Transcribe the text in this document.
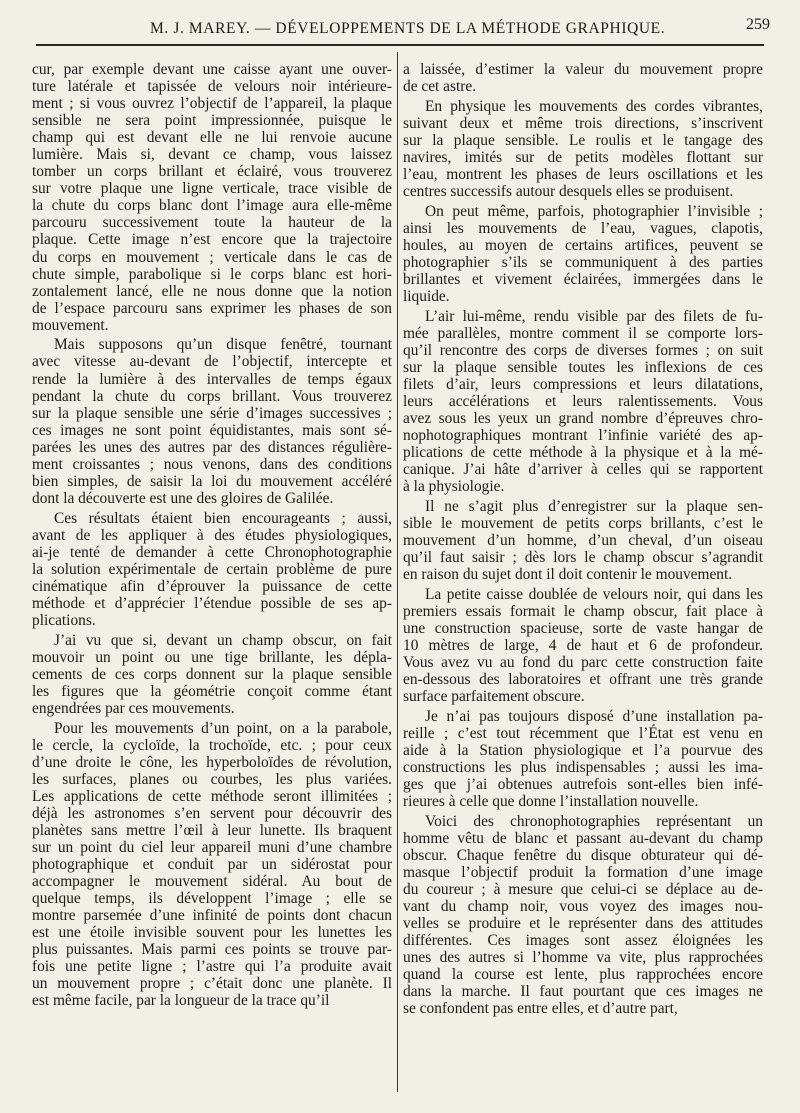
M. J. MAREY. — DÉVELOPPEMENTS DE LA MÉTHODE GRAPHIQUE.	259

cur, par exemple devant une caisse ayant une ouver-

ture latérale et tapissée de velours noir intérieure-

ment ; si vous ouvrez l’objectif de l’appareil, la plaque

sensible ne sera point impressionnée, puisque le

champ qui est devant elle ne lui renvoie aucune

lumière. Mais si, devant ce champ, vous laissez

tomber un corps brillant et éclairé, vous trouverez

sur votre plaque une ligne verticale, trace visible de

la chute du corps blanc dont l’image aura elle-même

parcouru successivement toute la hauteur de la

plaque. Cette image n’est encore que la trajectoire

du corps en mouvement ; verticale dans le cas de

chute simple, parabolique si le corps blanc est hori-

zontalement lancé, elle ne nous donne que la notion

de l’espace parcouru sans exprimer les phases de son

mouvement.

Mais supposons qu’un disque fenêtré, tournant

avec vitesse au-devant de l’objectif, intercepte et

rende la lumière à des intervalles de temps égaux

pendant la chute du corps brillant. Vous trouverez

sur la plaque sensible une série d’images successives ;

ces images ne sont point équidistantes, mais sont sé-

parées les unes des autres par des distances régulière-

ment croissantes ; nous venons, dans des conditions

bien simples, de saisir la loi du mouvement accéléré

dont la découverte est une des gloires de Galilée.

Ces résultats étaient bien encourageants ; aussi,

avant de les appliquer à des études physiologiques,

ai-je tenté de demander à cette Chronophotographie

la solution expérimentale de certain problème de pure

cinématique afin d’éprouver la puissance de cette

méthode et d’apprécier l’étendue possible de ses ap-

plications.

J’ai vu que si, devant un champ obscur, on fait

mouvoir un point ou une tige brillante, les dépla-

cements de ces corps donnent sur la plaque sensible

les figures que la géométrie conçoit comme étant

engendrées par ces mouvements.

Pour les mouvements d’un point, on a la parabole,

le cercle, la cycloïde, la trochoïde, etc. ; pour ceux

d’une droite le cône, les hyperboloïdes de révolution,

les surfaces, planes ou courbes, les plus variées.

Les applications de cette méthode seront illimitées ;

déjà les astronomes s’en servent pour découvrir des

planètes sans mettre l’œil à leur lunette. Ils braquent

sur un point du ciel leur appareil muni d’une chambre

photographique et conduit par un sidérostat pour

accompagner le mouvement sidéral. Au bout de

quelque temps, ils développent l’image ; elle se

montre parsemée d’une infinité de points dont chacun

est une étoile invisible souvent pour les lunettes les

plus puissantes. Mais parmi ces points se trouve par-

fois une petite ligne ; l’astre qui l’a produite avait

un mouvement propre ; c’était donc une planète. Il

est même facile, par la longueur de la trace qu’il

a laissée, d’estimer la valeur du mouvement propre

de cet astre.

En physique les mouvements des cordes vibrantes,

suivant deux et même trois directions, s’inscrivent

sur la plaque sensible. Le roulis et le tangage des

navires, imités sur de petits modèles flottant sur

l’eau, montrent les phases de leurs oscillations et les

centres successifs autour desquels elles se produisent.

On peut même, parfois, photographier l’invisible ;

ainsi les mouvements de l’eau, vagues, clapotis,

houles, au moyen de certains artifices, peuvent se

photographier s’ils se communiquent à des parties

brillantes et vivement éclairées, immergées dans le

liquide.

L’air lui-même, rendu visible par des filets de fu-

mée parallèles, montre comment il se comporte lors-

qu’il rencontre des corps de diverses formes ; on suit

sur la plaque sensible toutes les inflexions de ces

filets d’air, leurs compressions et leurs dilatations,

leurs accélérations et leurs ralentissements. Vous

avez sous les yeux un grand nombre d’épreuves chro-

nophotographiques montrant l’infinie variété des ap-

plications de cette méthode à la physique et à la mé-

canique. J’ai hâte d’arriver à celles qui se rapportent

à la physiologie.

Il ne s’agit plus d’enregistrer sur la plaque sen-

sible le mouvement de petits corps brillants, c’est le

mouvement d’un homme, d’un cheval, d’un oiseau

qu’il faut saisir ; dès lors le champ obscur s’agrandit

en raison du sujet dont il doit contenir le mouvement.

La petite caisse doublée de velours noir, qui dans les

premiers essais formait le champ obscur, fait place à

une construction spacieuse, sorte de vaste hangar de

10 mètres de large, 4 de haut et 6 de profondeur.

Vous avez vu au fond du parc cette construction faite

en-dessous des laboratoires et offrant une très grande

surface parfaitement obscure.

Je n’ai pas toujours disposé d’une installation pa-

reille ; c’est tout récemment que l’État est venu en

aide à la Station physiologique et l’a pourvue des

constructions les plus indispensables ; aussi les ima-

ges que j’ai obtenues autrefois sont-elles bien infé-

rieures à celle que donne l’installation nouvelle.

Voici des chronophotographies représentant un

homme vêtu de blanc et passant au-devant du champ

obscur. Chaque fenêtre du disque obturateur qui dé-

masque l’objectif produit la formation d’une image

du coureur ; à mesure que celui-ci se déplace au de-

vant du champ noir, vous voyez des images nou-

velles se produire et le représenter dans des attitudes

différentes. Ces images sont assez éloignées les

unes des autres si l’homme va vite, plus rapprochées

quand la course est lente, plus rapprochées encore

dans la marche. Il faut pourtant que ces images ne

se confondent pas entre elles, et d’autre part,
